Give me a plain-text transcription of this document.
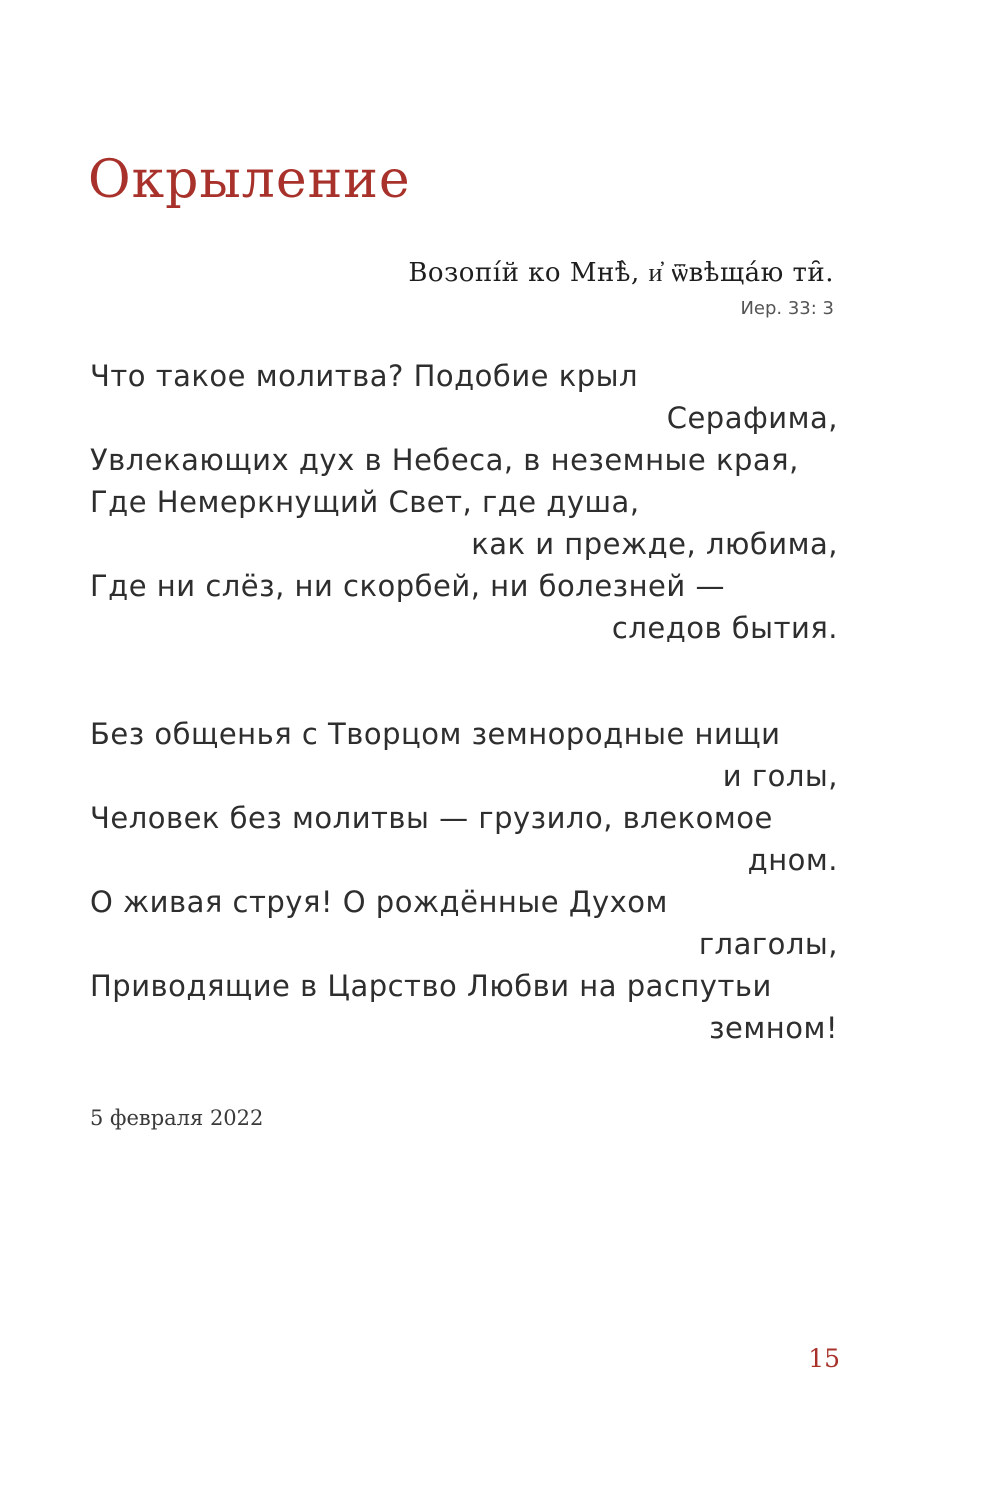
Окрыление
Возопі́й ко Мнѣ̀, и҆ ѿвѣща́ю ти̑.
Иер. 33: 3
Что такое молитва? Подобие крыл
Серафима,
Увлекающих дух в Небеса, в неземные края,
Где Немеркнущий Свет, где душа,
как и прежде, любима,
Где ни слёз, ни скорбей, ни болезней —
следов бытия.
Без общенья с Творцом земнородные нищи
и голы,
Человек без молитвы — грузило, влекомое
дном.
О живая струя! О рождённые Духом
глаголы,
Приводящие в Царство Любви на распутьи
земном!
5 февраля 2022
15
